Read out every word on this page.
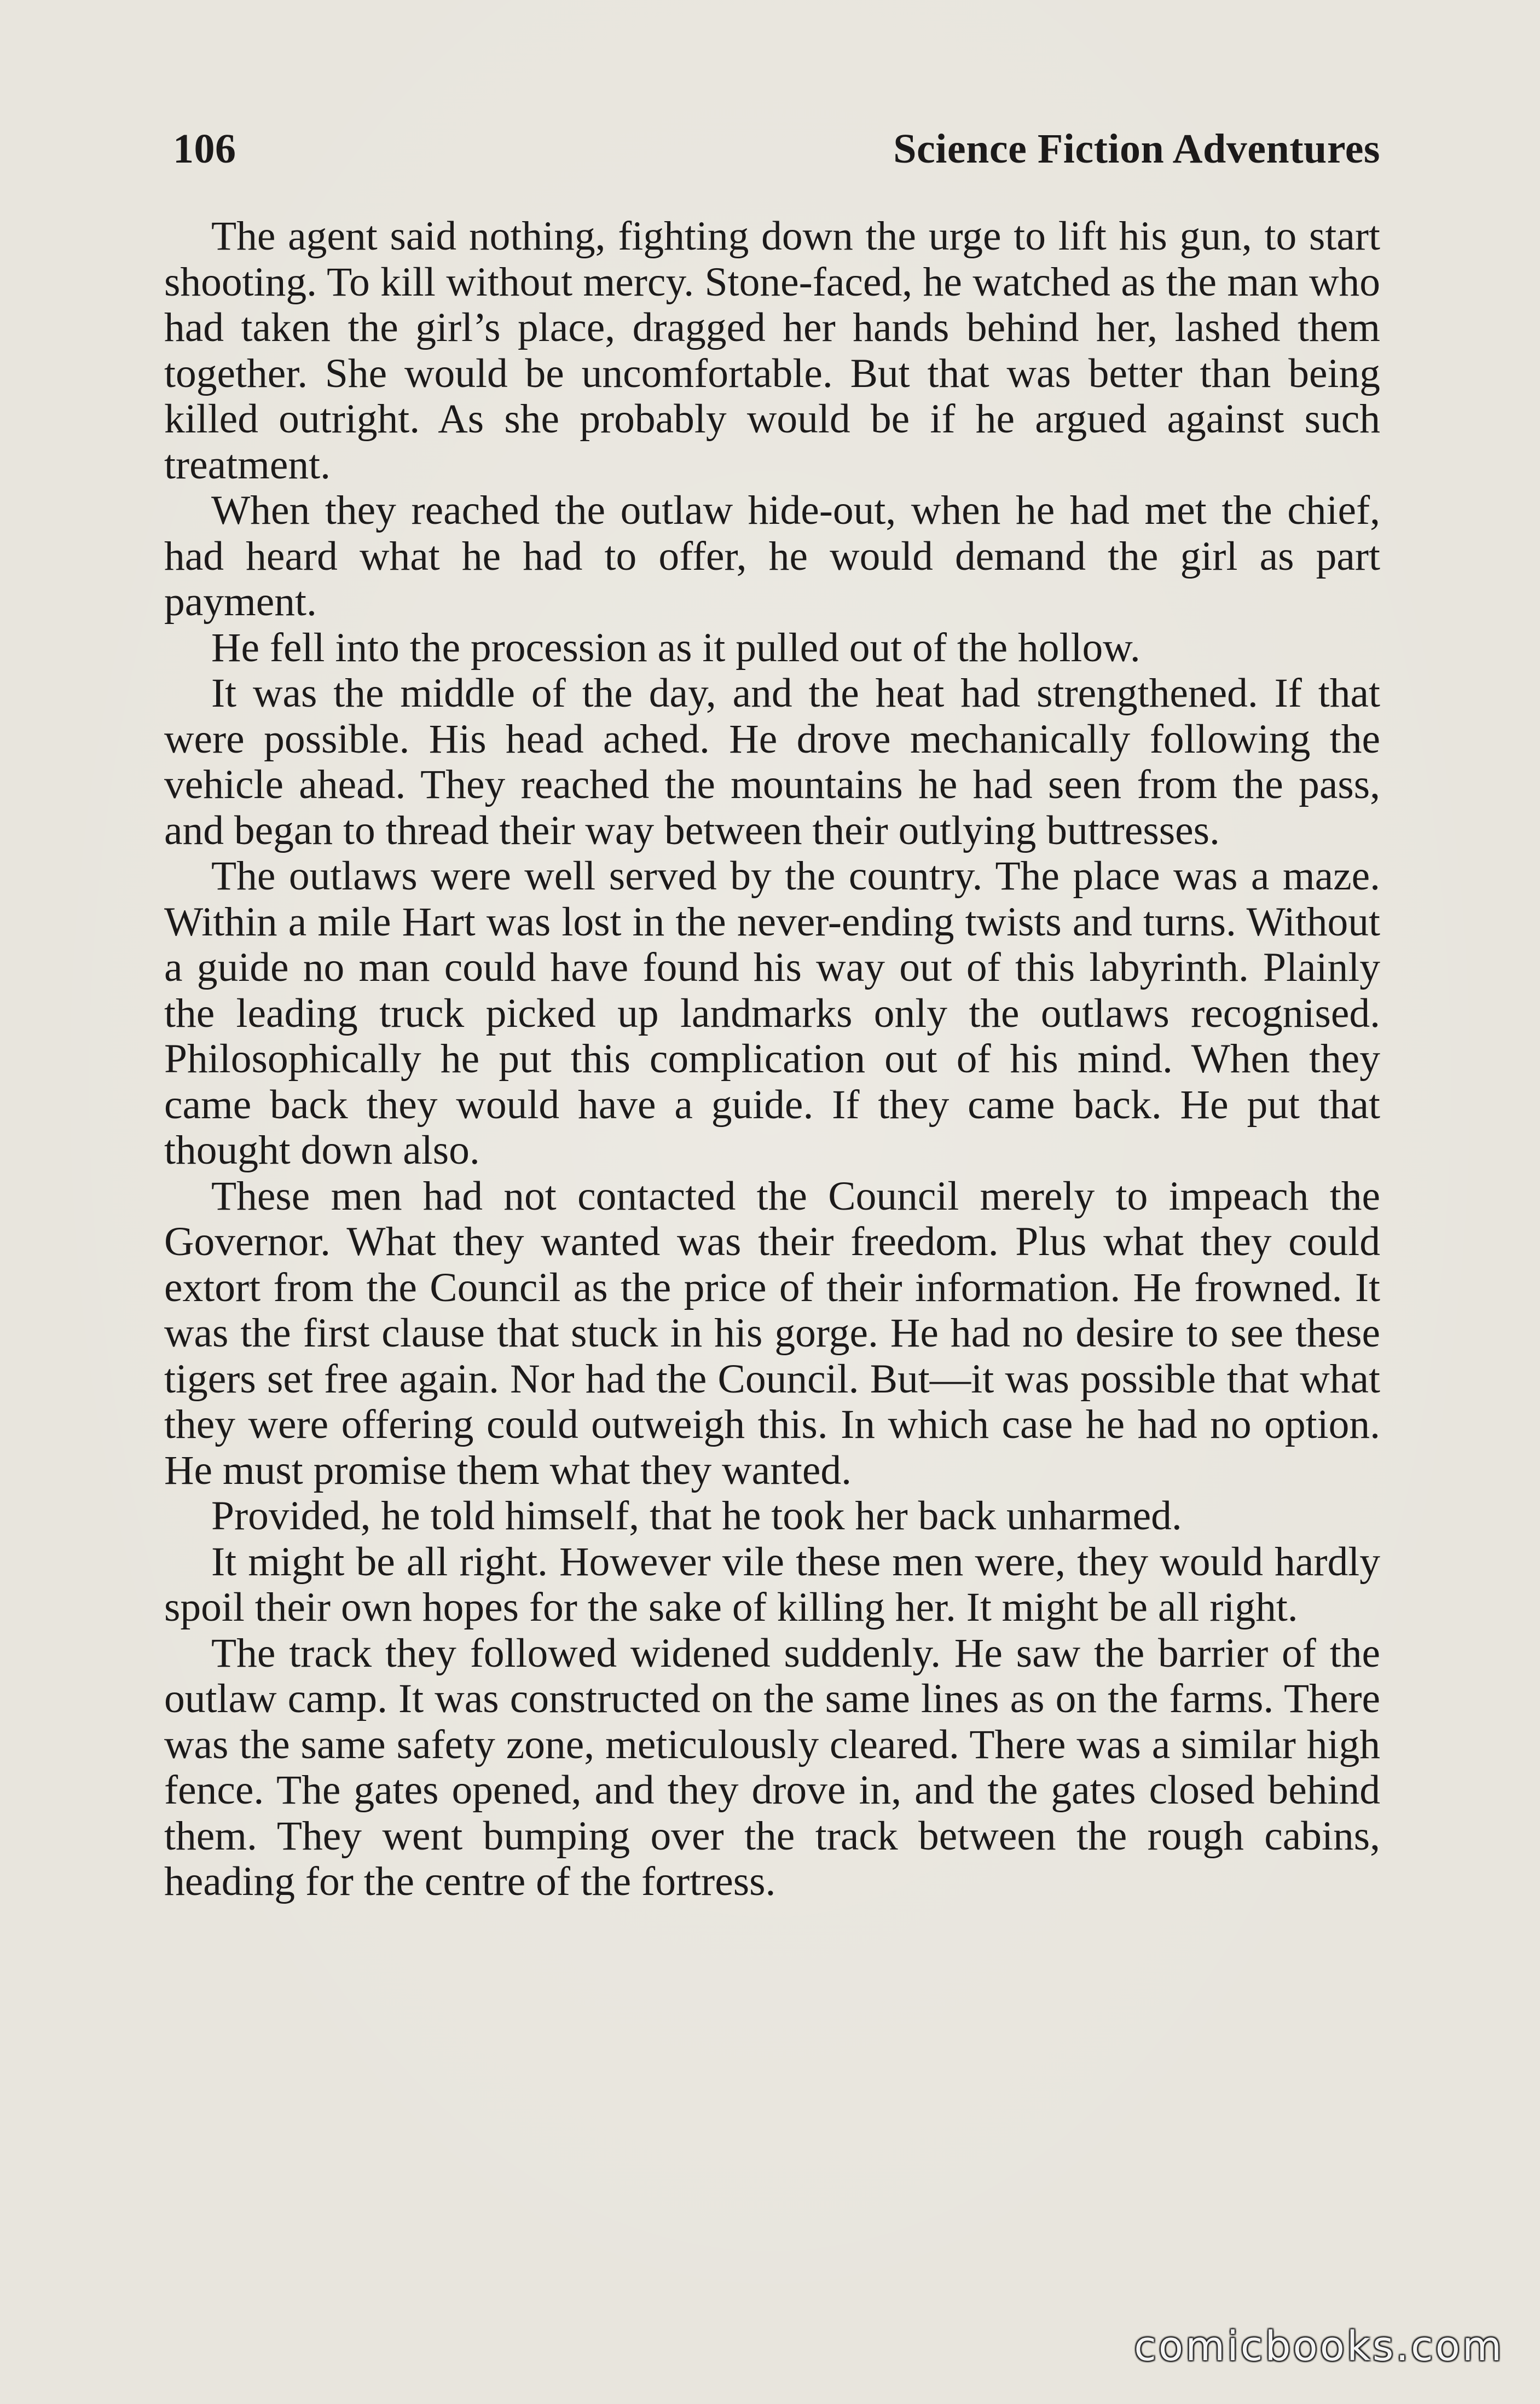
106	Science Fiction Adventures

The agent said nothing, fighting down the urge to lift his gun, to start shooting. To kill without mercy. Stone-faced, he watched as the man who had taken the girl’s place, dragged her hands behind her, lashed them together. She would be uncomfortable. But that was better than being killed outright. As she probably would be if he argued against such treatment.

When they reached the outlaw hide-out, when he had met the chief, had heard what he had to offer, he would demand the girl as part payment.

He fell into the procession as it pulled out of the hollow.

It was the middle of the day, and the heat had strengthened. If that were possible. His head ached. He drove mechanically following the vehicle ahead. They reached the mountains he had seen from the pass, and began to thread their way between their outlying buttresses.

The outlaws were well served by the country. The place was a maze. Within a mile Hart was lost in the never-ending twists and turns. Without a guide no man could have found his way out of this labyrinth. Plainly the leading truck picked up landmarks only the outlaws recognised. Philosophically he put this complication out of his mind. When they came back they would have a guide. If they came back. He put that thought down also.

These men had not contacted the Council merely to impeach the Governor. What they wanted was their freedom. Plus what they could extort from the Council as the price of their information. He frowned. It was the first clause that stuck in his gorge. He had no desire to see these tigers set free again. Nor had the Council. But—it was possible that what they were offering could outweigh this. In which case he had no option. He must promise them what they wanted.

Provided, he told himself, that he took her back unharmed.

It might be all right. However vile these men were, they would hardly spoil their own hopes for the sake of killing her. It might be all right.

The track they followed widened suddenly. He saw the barrier of the outlaw camp. It was constructed on the same lines as on the farms. There was the same safety zone, meticulously cleared. There was a similar high fence. The gates opened, and they drove in, and the gates closed behind them. They went bumping over the track between the rough cabins, heading for the centre of the fortress.

comicbooks.com
